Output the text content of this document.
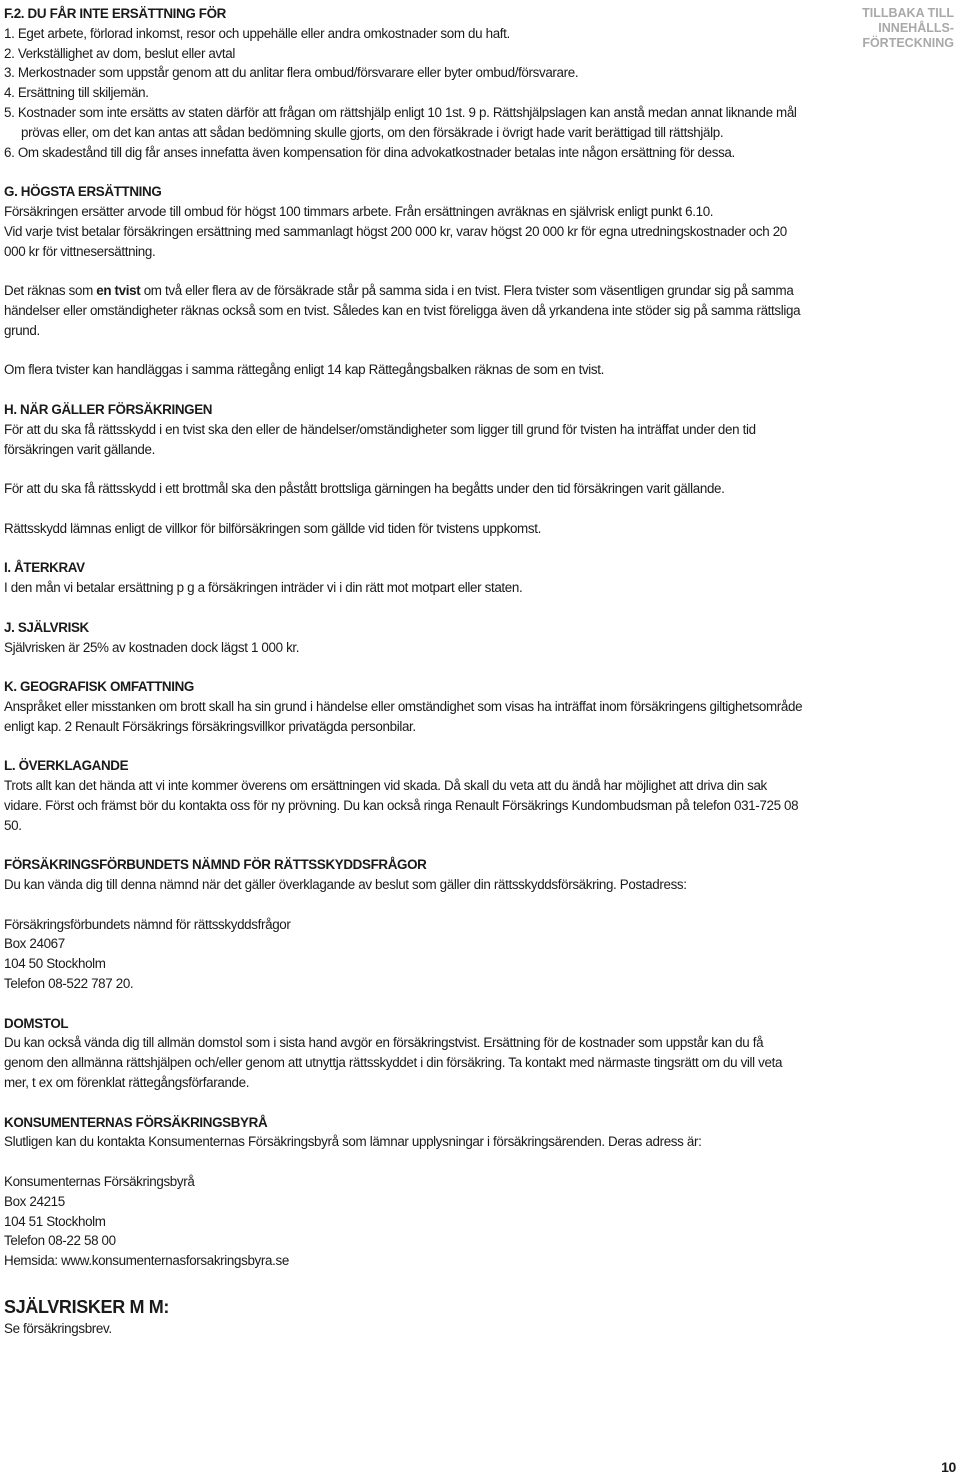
TILLBAKA TILL
INNEHÅLLS-
FÖRTECKNING

F.2. DU FÅR INTE ERSÄTTNING FÖR

1. Eget arbete, förlorad inkomst, resor och uppehälle eller andra omkostnader som du haft.

2. Verkställighet av dom, beslut eller avtal

3. Merkostnader som uppstår genom att du anlitar flera ombud/försvarare eller byter ombud/försvarare.

4. Ersättning till skiljemän.

5. Kostnader som inte ersätts av staten därför att frågan om rättshjälp enligt 10 1st. 9 p. Rättshjälpslagen kan anstå medan annat liknande mål prövas eller, om det kan antas att sådan bedömning skulle gjorts, om den försäkrade i övrigt hade varit berättigad till rättshjälp.

6. Om skadestånd till dig får anses innefatta även kompensation för dina advokatkostnader betalas inte någon ersättning för dessa.

G. HÖGSTA ERSÄTTNING

Försäkringen ersätter arvode till ombud för högst 100 timmars arbete. Från ersättningen avräknas en självrisk enligt punkt 6.10.

Vid varje tvist betalar försäkringen ersättning med sammanlagt högst 200 000 kr, varav högst 20 000 kr för egna utredningskostnader och 20 000 kr för vittnesersättning.

Det räknas som en tvist om två eller flera av de försäkrade står på samma sida i en tvist. Flera tvister som väsentligen grundar sig på samma händelser eller omständigheter räknas också som en tvist. Således kan en tvist föreligga även då yrkandena inte stöder sig på samma rättsliga grund.

Om flera tvister kan handläggas i samma rättegång enligt 14 kap Rättegångsbalken räknas de som en tvist.

H. NÄR GÄLLER FÖRSÄKRINGEN

För att du ska få rättsskydd i en tvist ska den eller de händelser/omständigheter som ligger till grund för tvisten ha inträffat under den tid försäkringen varit gällande.

För att du ska få rättsskydd i ett brottmål ska den påstått brottsliga gärningen ha begåtts under den tid försäkringen varit gällande.

Rättsskydd lämnas enligt de villkor för bilförsäkringen som gällde vid tiden för tvistens uppkomst.

I. ÅTERKRAV

I den mån vi betalar ersättning p g a försäkringen inträder vi i din rätt mot motpart eller staten.

J. SJÄLVRISK

Självrisken är 25% av kostnaden dock lägst 1 000 kr.

K. GEOGRAFISK OMFATTNING

Anspråket eller misstanken om brott skall ha sin grund i händelse eller omständighet som visas ha inträffat inom försäkringens giltighetsområde enligt kap. 2 Renault Försäkrings försäkringsvillkor privatägda personbilar.

L. ÖVERKLAGANDE

Trots allt kan det hända att vi inte kommer överens om ersättningen vid skada. Då skall du veta att du ändå har möjlighet att driva din sak vidare. Först och främst bör du kontakta oss för ny prövning. Du kan också ringa Renault Försäkrings Kundombudsman på telefon 031-725 08 50.

FÖRSÄKRINGSFÖRBUNDETS NÄMND FÖR RÄTTSSKYDDSFRÅGOR

Du kan vända dig till denna nämnd när det gäller överklagande av beslut som gäller din rättsskyddsförsäkring. Postadress:

Försäkringsförbundets nämnd för rättsskyddsfrågor

Box 24067

104 50 Stockholm

Telefon 08-522 787 20.

DOMSTOL

Du kan också vända dig till allmän domstol som i sista hand avgör en försäkringstvist. Ersättning för de kostnader som uppstår kan du få genom den allmänna rättshjälpen och/eller genom att utnyttja rättsskyddet i din försäkring. Ta kontakt med närmaste tingsrätt om du vill veta mer, t ex om förenklat rättegångsförfarande.

KONSUMENTERNAS FÖRSÄKRINGSBYRÅ

Slutligen kan du kontakta Konsumenternas Försäkringsbyrå som lämnar upplysningar i försäkringsärenden. Deras adress är:

Konsumenternas Försäkringsbyrå

Box 24215

104 51 Stockholm

Telefon 08-22 58 00

Hemsida: www.konsumenternasforsakringsbyra.se

SJÄLVRISKER M M:

Se försäkringsbrev.

10
